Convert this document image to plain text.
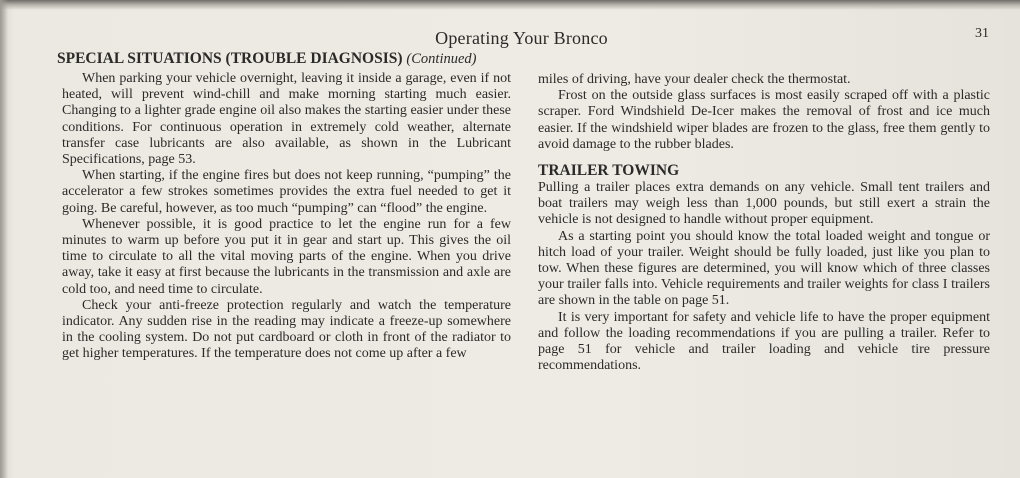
Operating Your Bronco	31
SPECIAL SITUATIONS (TROUBLE DIAGNOSIS) (Continued)

When parking your vehicle overnight, leaving it inside a garage, even if not heated, will prevent wind-chill and make morning starting much easier. Changing to a lighter grade engine oil also makes the starting easier under these conditions. For continuous operation in extremely cold weather, alternate transfer case lubricants are also available, as shown in the Lubricant Specifications, page 53.

When starting, if the engine fires but does not keep running, “pumping” the accelerator a few strokes sometimes provides the extra fuel needed to get it going. Be careful, however, as too much “pumping” can “flood” the engine.

Whenever possible, it is good practice to let the engine run for a few minutes to warm up before you put it in gear and start up. This gives the oil time to circulate to all the vital moving parts of the engine. When you drive away, take it easy at first because the lubricants in the transmission and axle are cold too, and need time to circulate.

Check your anti-freeze protection regularly and watch the temperature indicator. Any sudden rise in the reading may indicate a freeze-up somewhere in the cooling system. Do not put cardboard or cloth in front of the radiator to get higher temperatures. If the temperature does not come up after a few

miles of driving, have your dealer check the thermostat.

Frost on the outside glass surfaces is most easily scraped off with a plastic scraper. Ford Windshield De-Icer makes the removal of frost and ice much easier. If the windshield wiper blades are frozen to the glass, free them gently to avoid damage to the rubber blades.

TRAILER TOWING

Pulling a trailer places extra demands on any vehicle. Small tent trailers and boat trailers may weigh less than 1,000 pounds, but still exert a strain the vehicle is not designed to handle without proper equipment.

As a starting point you should know the total loaded weight and tongue or hitch load of your trailer. Weight should be fully loaded, just like you plan to tow. When these figures are determined, you will know which of three classes your trailer falls into. Vehicle requirements and trailer weights for class I trailers are shown in the table on page 51.

It is very important for safety and vehicle life to have the proper equipment and follow the loading recommendations if you are pulling a trailer. Refer to page 51 for vehicle and trailer loading and vehicle tire pressure recommendations.
